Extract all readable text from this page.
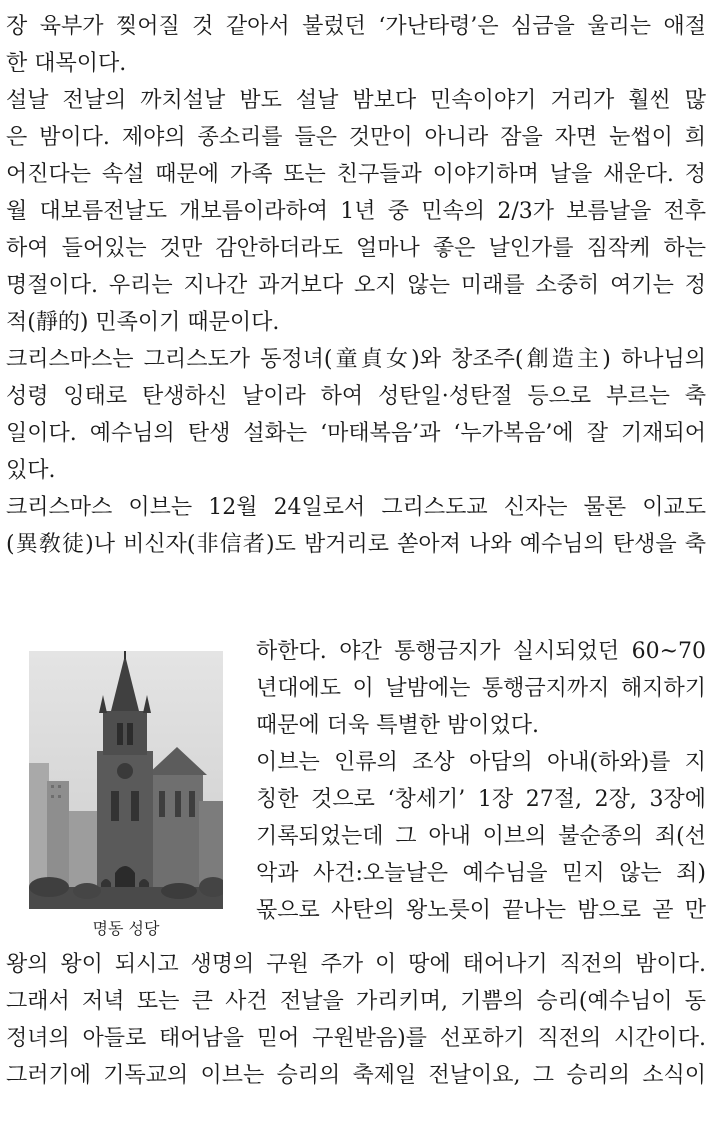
장 육부가 찢어질 것 같아서 불렀던 ‘가난타령’은 심금을 울리는 애절
한 대목이다.
설날 전날의 까치설날 밤도 설날 밤보다 민속이야기 거리가 훨씬 많
은 밤이다. 제야의 종소리를 들은 것만이 아니라 잠을 자면 눈썹이 희
어진다는 속설 때문에 가족 또는 친구들과 이야기하며 날을 새운다. 정
월 대보름전날도 개보름이라하여 1년 중 민속의 2/3가 보름날을 전후
하여 들어있는 것만 감안하더라도 얼마나 좋은 날인가를 짐작케 하는
명절이다. 우리는 지나간 과거보다 오지 않는 미래를 소중히 여기는 정
적(靜的) 민족이기 때문이다.
크리스마스는 그리스도가 동정녀(童貞女)와 창조주(創造主) 하나님의
성령 잉태로 탄생하신 날이라 하여 성탄일·성탄절 등으로 부르는 축
일이다. 예수님의 탄생 설화는 ‘마태복음’과 ‘누가복음’에 잘 기재되어
있다.
크리스마스 이브는 12월 24일로서 그리스도교 신자는 물론 이교도
(異敎徒)나 비신자(非信者)도 밤거리로 쏟아져 나와 예수님의 탄생을 축
명동 성당
하한다. 야간 통행금지가 실시되었던 60~70
년대에도 이 날밤에는 통행금지까지 해지하기
때문에 더욱 특별한 밤이었다.
이브는 인류의 조상 아담의 아내(하와)를 지
칭한 것으로 ‘창세기’ 1장 27절, 2장, 3장에
기록되었는데 그 아내 이브의 불순종의 죄(선
악과 사건:오늘날은 예수님을 믿지 않는 죄)
몫으로 사탄의 왕노릇이 끝나는 밤으로 곧 만
왕의 왕이 되시고 생명의 구원 주가 이 땅에 태어나기 직전의 밤이다.
그래서 저녁 또는 큰 사건 전날을 가리키며, 기쁨의 승리(예수님이 동
정녀의 아들로 태어남을 믿어 구원받음)를 선포하기 직전의 시간이다.
그러기에 기독교의 이브는 승리의 축제일 전날이요, 그 승리의 소식이
